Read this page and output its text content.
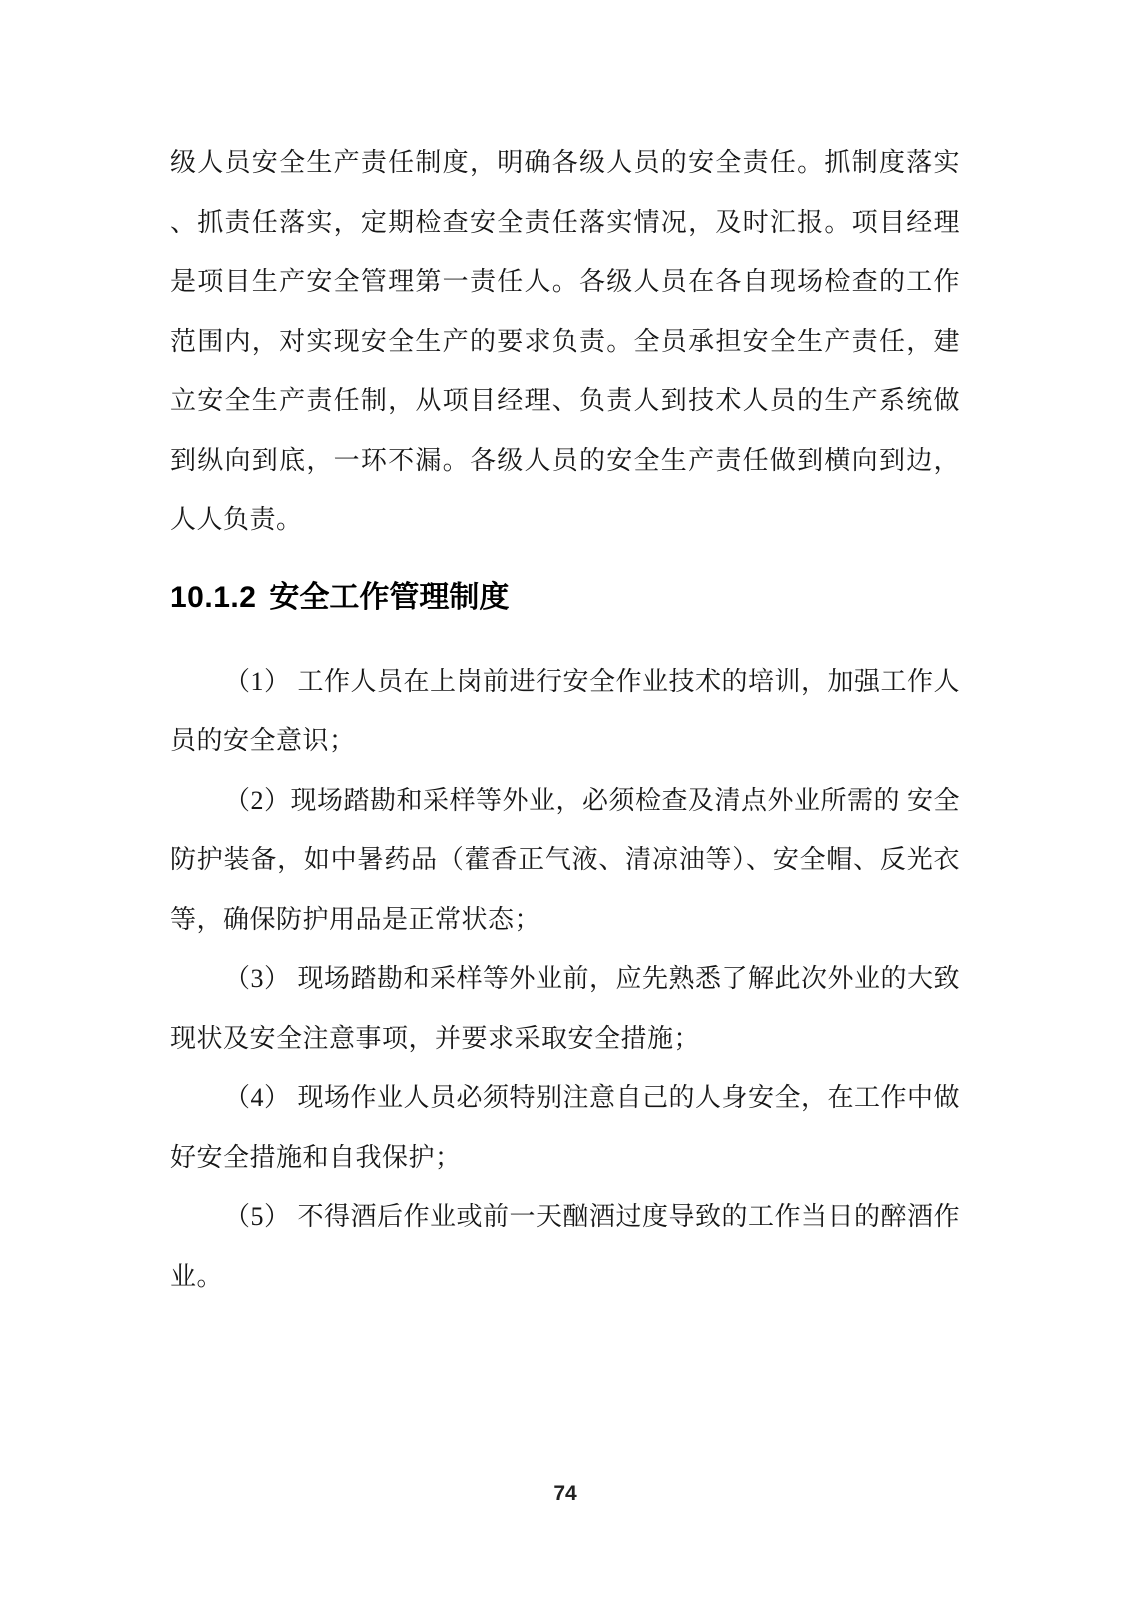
级人员安全生产责任制度，明确各级人员的安全责任。抓制度落实
、抓责任落实，定期检查安全责任落实情况，及时汇报。项目经理
是项目生产安全管理第一责任人。各级人员在各自现场检查的工作
范围内，对实现安全生产的要求负责。全员承担安全生产责任，建
立安全生产责任制，从项目经理、负责人到技术人员的生产系统做
到纵向到底，一环不漏。各级人员的安全生产责任做到横向到边，
人人负责。
10.1.2 安全工作管理制度
（1） 工作人员在上岗前进行安全作业技术的培训，加强工作人
员的安全意识；
（2）现场踏勘和采样等外业，必须检查及清点外业所需的 安全
防护装备，如中暑药品（藿香正气液、清凉油等）、安全帽、反光衣
等，确保防护用品是正常状态；
（3） 现场踏勘和采样等外业前，应先熟悉了解此次外业的大致
现状及安全注意事项，并要求采取安全措施；
（4） 现场作业人员必须特别注意自己的人身安全，在工作中做
好安全措施和自我保护；
（5） 不得酒后作业或前一天酗酒过度导致的工作当日的醉酒作
业。
74
